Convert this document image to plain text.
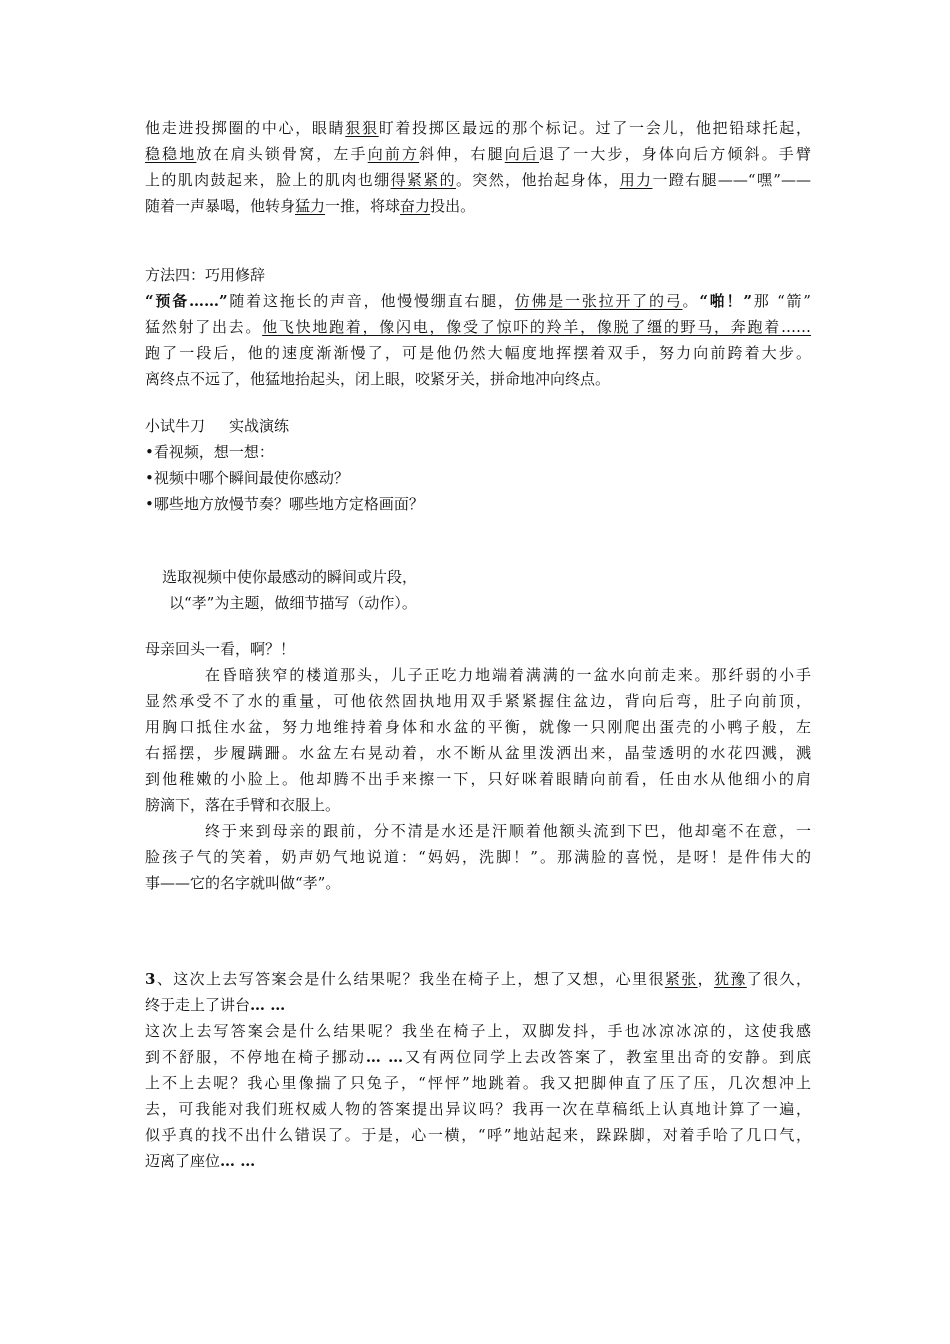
他走进投掷圈的中心，眼睛狠狠盯着投掷区最远的那个标记。过了一会儿，他把铅球托起，
稳稳地放在肩头锁骨窝，左手向前方斜伸，右腿向后退了一大步，身体向后方倾斜。手臂
上的肌肉鼓起来，脸上的肌肉也绷得紧紧的。突然，他抬起身体，用力一蹬右腿——“嘿”——
随着一声暴喝，他转身猛力一推，将球奋力投出。
方法四：巧用修辞
“预备……”随着这拖长的声音，他慢慢绷直右腿，仿佛是一张拉开了的弓。“啪！”那 “箭”
猛然射了出去。他飞快地跑着，像闪电，像受了惊吓的羚羊，像脱了缰的野马，奔跑着……
跑了一段后，他的速度渐渐慢了，可是他仍然大幅度地挥摆着双手，努力向前跨着大步。
离终点不远了，他猛地抬起头，闭上眼，咬紧牙关，拼命地冲向终点。
小试牛刀 实战演练
•看视频，想一想：
•视频中哪个瞬间最使你感动？
•哪些地方放慢节奏？哪些地方定格画面？
选取视频中使你最感动的瞬间或片段，
以“孝”为主题，做细节描写（动作）。
母亲回头一看，啊？！
在昏暗狭窄的楼道那头，儿子正吃力地端着满满的一盆水向前走来。那纤弱的小手
显然承受不了水的重量，可他依然固执地用双手紧紧握住盆边，背向后弯，肚子向前顶，
用胸口抵住水盆，努力地维持着身体和水盆的平衡，就像一只刚爬出蛋壳的小鸭子般，左
右摇摆，步履蹒跚。水盆左右晃动着，水不断从盆里泼洒出来，晶莹透明的水花四溅，溅
到他稚嫩的小脸上。他却腾不出手来擦一下，只好咪着眼睛向前看，任由水从他细小的肩
膀滴下，落在手臂和衣服上。
终于来到母亲的跟前，分不清是水还是汗顺着他额头流到下巴，他却毫不在意，一
脸孩子气的笑着，奶声奶气地说道：“妈妈，洗脚！”。那满脸的喜悦，是呀！是件伟大的
事——它的名字就叫做“孝”。
3、这次上去写答案会是什么结果呢？我坐在椅子上，想了又想，心里很紧张，犹豫了很久，
终于走上了讲台… …
这次上去写答案会是什么结果呢？我坐在椅子上，双脚发抖，手也冰凉冰凉的，这使我感
到不舒服，不停地在椅子挪动… …又有两位同学上去改答案了，教室里出奇的安静。到底
上不上去呢？我心里像揣了只兔子，“怦怦”地跳着。我又把脚伸直了压了压，几次想冲上
去，可我能对我们班权威人物的答案提出异议吗？我再一次在草稿纸上认真地计算了一遍，
似乎真的找不出什么错误了。于是，心一横，“呼”地站起来，跺跺脚，对着手哈了几口气，
迈离了座位… …
